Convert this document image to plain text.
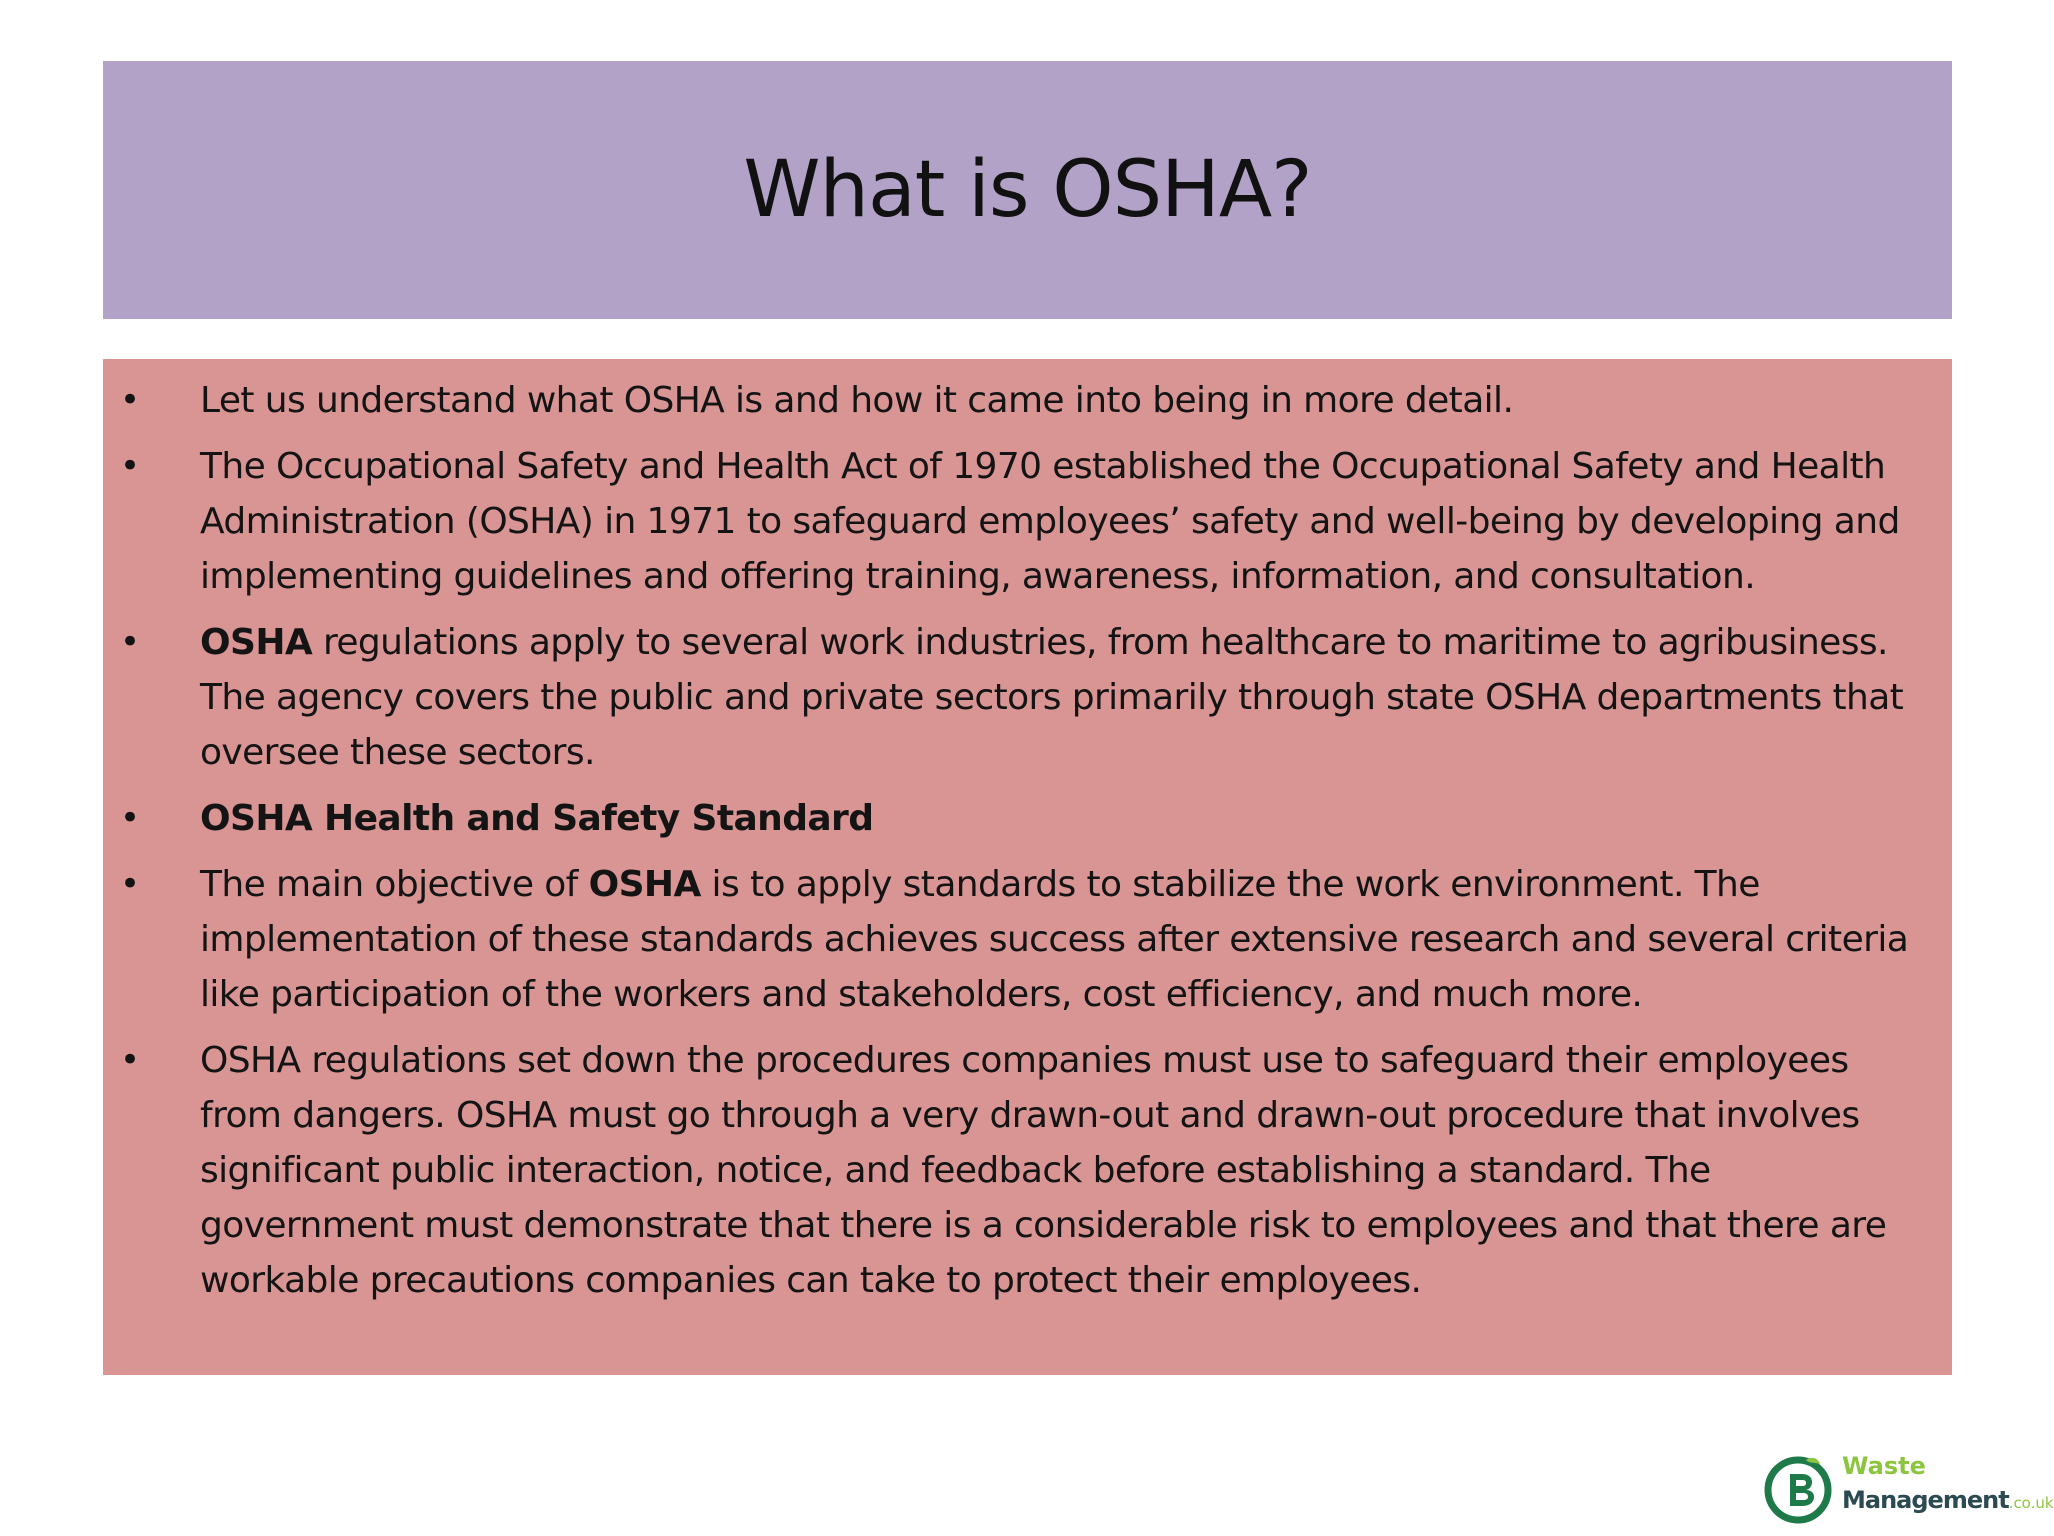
What is OSHA?
• Let us understand what OSHA is and how it came into being in more detail.
• The Occupational Safety and Health Act of 1970 established the Occupational Safety and Health Administration (OSHA) in 1971 to safeguard employees’ safety and well-being by developing and implementing guidelines and offering training, awareness, information, and consultation.
• OSHA regulations apply to several work industries, from healthcare to maritime to agribusiness. The agency covers the public and private sectors primarily through state OSHA departments that oversee these sectors.
• OSHA Health and Safety Standard
• The main objective of OSHA is to apply standards to stabilize the work environment. The implementation of these standards achieves success after extensive research and several criteria like participation of the workers and stakeholders, cost efficiency, and much more.
• OSHA regulations set down the procedures companies must use to safeguard their employees from dangers. OSHA must go through a very drawn-out and drawn-out procedure that involves significant public interaction, notice, and feedback before establishing a standard. The government must demonstrate that there is a considerable risk to employees and that there are workable precautions companies can take to protect their employees.
Waste
Management.co.uk
